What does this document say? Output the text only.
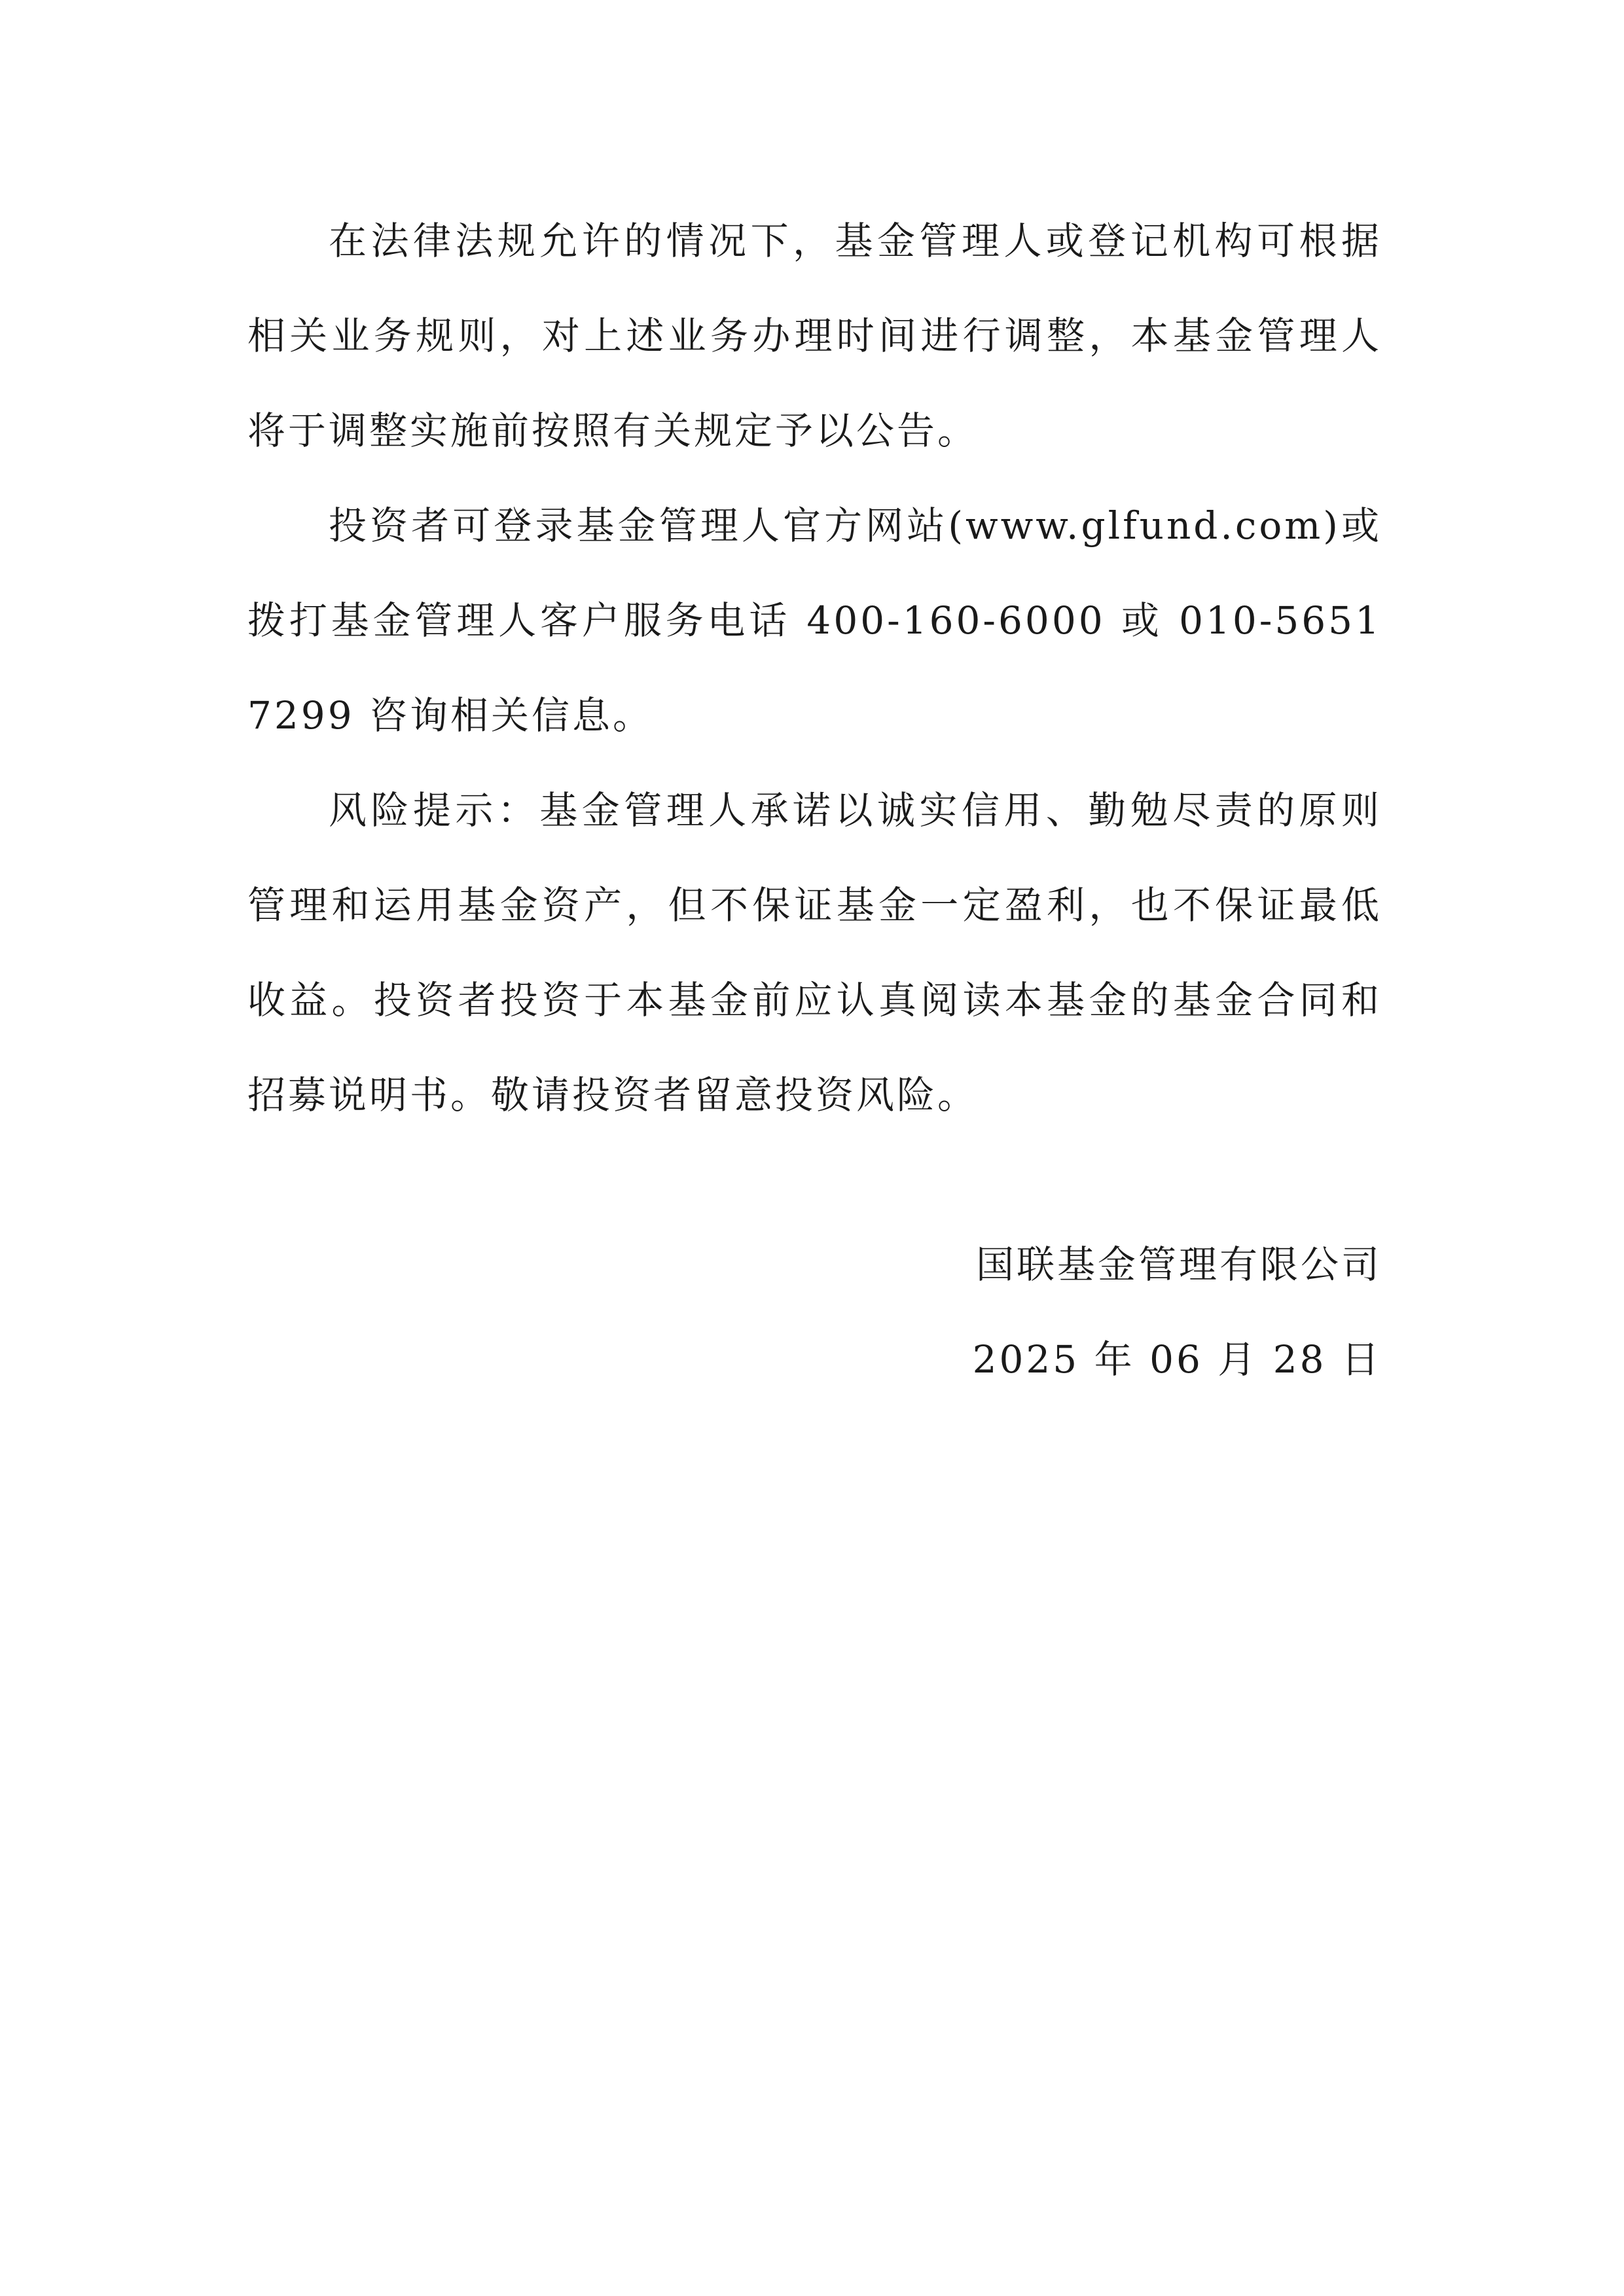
在法律法规允许的情况下，基金管理人或登记机构可根据相关业务规则，对上述业务办理时间进行调整，本基金管理人将于调整实施前按照有关规定予以公告。

投资者可登录基金管理人官方网站(www.glfund.com)或拨打基金管理人客户服务电话 400-160-6000 或 010-56517299 咨询相关信息。

风险提示：基金管理人承诺以诚实信用、勤勉尽责的原则管理和运用基金资产，但不保证基金一定盈利，也不保证最低收益。投资者投资于本基金前应认真阅读本基金的基金合同和招募说明书。敬请投资者留意投资风险。

国联基金管理有限公司
2025 年 06 月 28 日
